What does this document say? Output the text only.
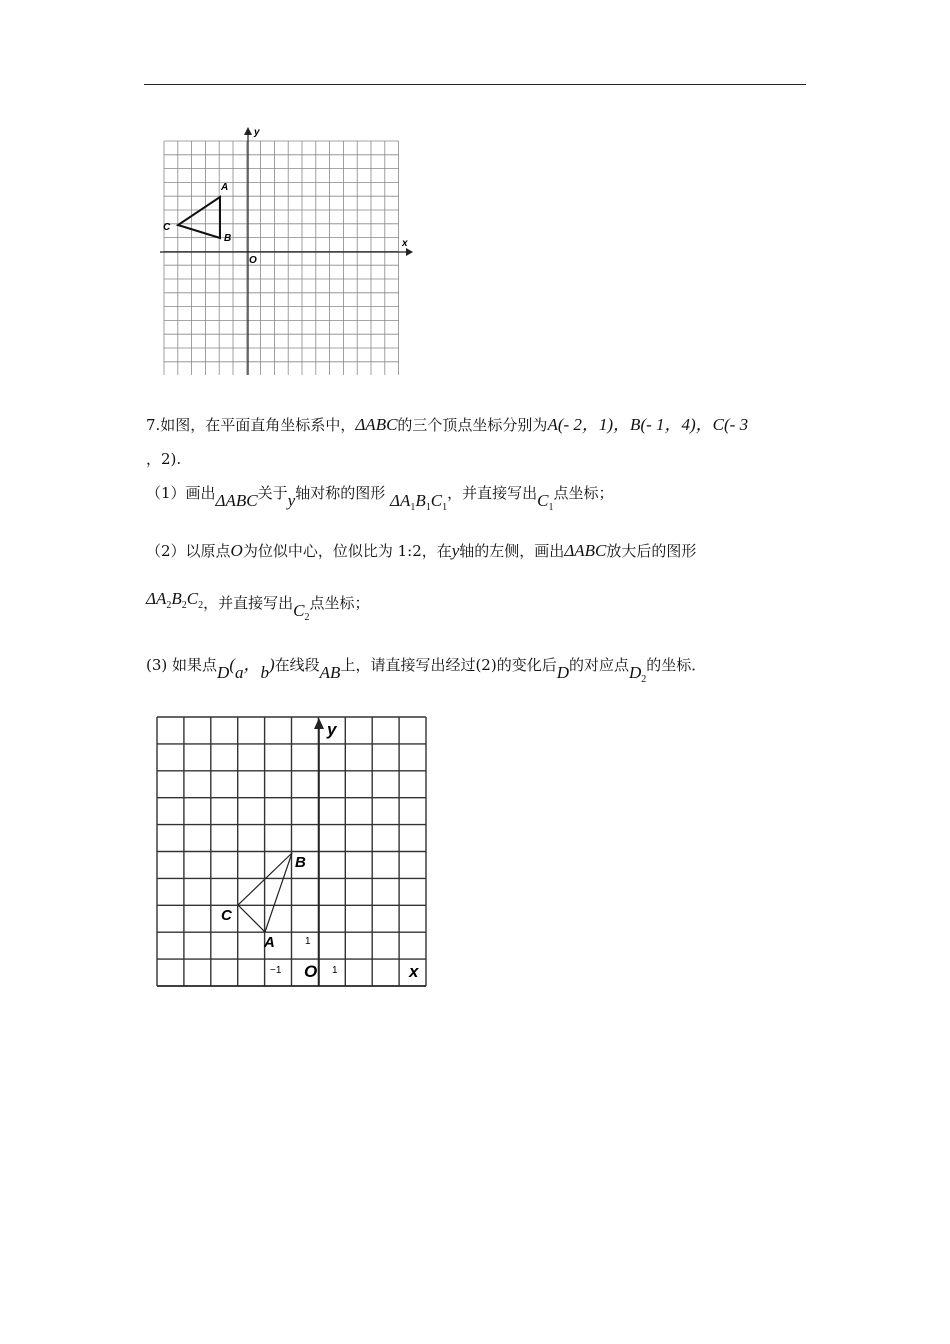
x
y
O
A
B
C
7.如图，在平面直角坐标系中，ΔABC的三个顶点坐标分别为A(- 2，1)，B(- 1，4)，C(- 3
，2).
（1）画出ΔABC关于y轴对称的图形 $\Delta A_1B_1C_1$，并直接写出$C_1$点坐标；
（2）以原点O为位似中心，位似比为 1:2，在y轴的左侧，画出ΔABC放大后的图形
$\Delta A_2B_2C_2$，并直接写出$C_2$点坐标；
(3) 如果点D(a，b)在线段AB上，请直接写出经过(2)的变化后D的对应点$D_2$的坐标．
x
y
O
−1	1
1
A
B
C
